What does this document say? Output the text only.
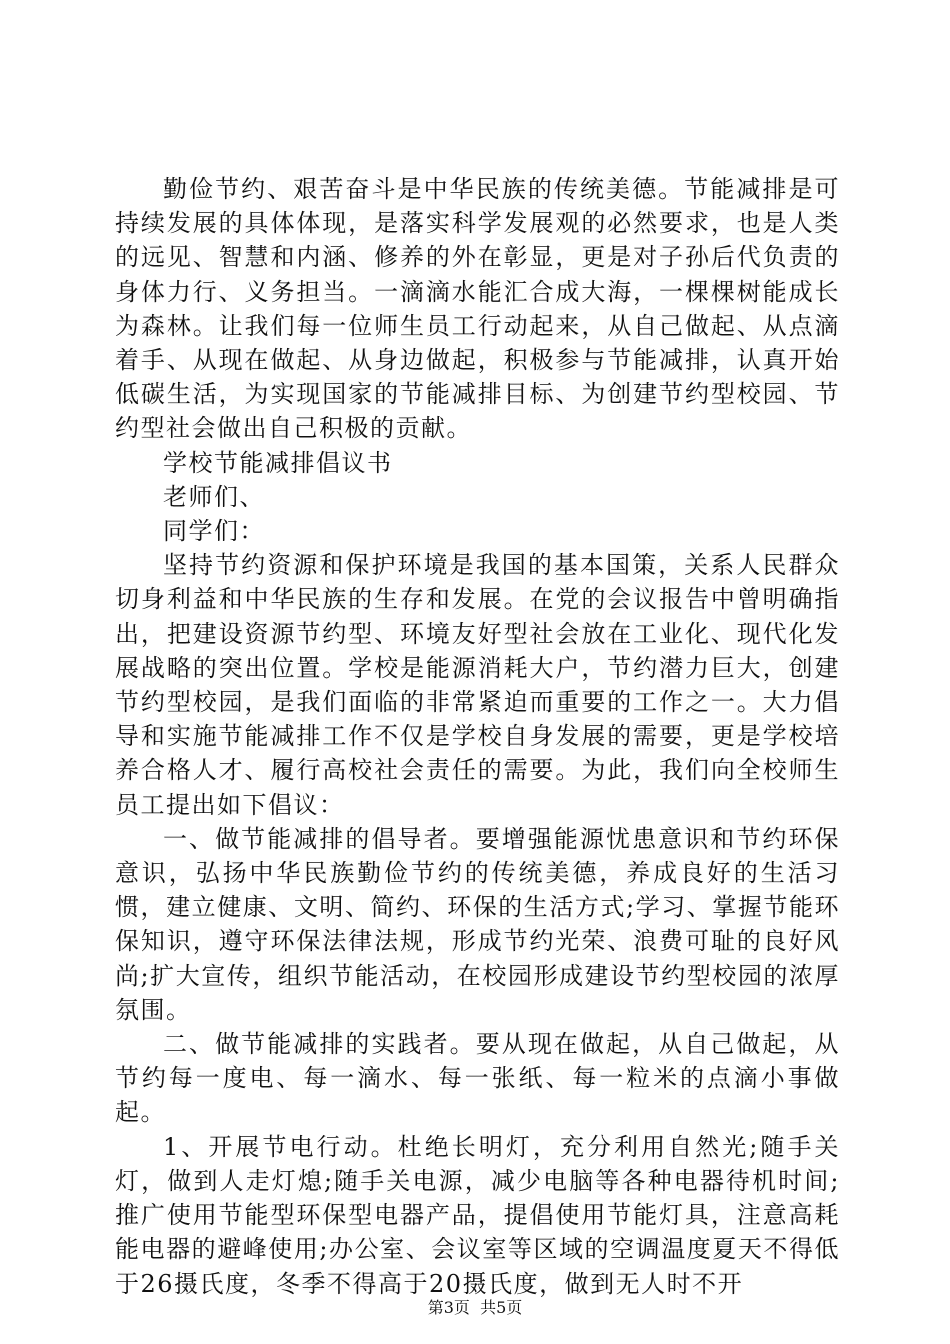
勤俭节约、艰苦奋斗是中华民族的传统美德。节能减排是可持续发展的具体体现，是落实科学发展观的必然要求，也是人类的远见、智慧和内涵、修养的外在彰显，更是对子孙后代负责的身体力行、义务担当。一滴滴水能汇合成大海，一棵棵树能成长为森林。让我们每一位师生员工行动起来，从自己做起、从点滴着手、从现在做起、从身边做起，积极参与节能减排，认真开始低碳生活，为实现国家的节能减排目标、为创建节约型校园、节约型社会做出自己积极的贡献。

学校节能减排倡议书

老师们、

同学们：

坚持节约资源和保护环境是我国的基本国策，关系人民群众切身利益和中华民族的生存和发展。在党的会议报告中曾明确指出，把建设资源节约型、环境友好型社会放在工业化、现代化发展战略的突出位置。学校是能源消耗大户，节约潜力巨大，创建节约型校园，是我们面临的非常紧迫而重要的工作之一。大力倡导和实施节能减排工作不仅是学校自身发展的需要，更是学校培养合格人才、履行高校社会责任的需要。为此，我们向全校师生员工提出如下倡议：

一、做节能减排的倡导者。要增强能源忧患意识和节约环保意识，弘扬中华民族勤俭节约的传统美德，养成良好的生活习惯，建立健康、文明、简约、环保的生活方式;学习、掌握节能环保知识，遵守环保法律法规，形成节约光荣、浪费可耻的良好风尚;扩大宣传，组织节能活动，在校园形成建设节约型校园的浓厚氛围。

二、做节能减排的实践者。要从现在做起，从自己做起，从节约每一度电、每一滴水、每一张纸、每一粒米的点滴小事做起。

1、开展节电行动。杜绝长明灯，充分利用自然光;随手关灯，做到人走灯熄;随手关电源，减少电脑等各种电器待机时间;推广使用节能型环保型电器产品，提倡使用节能灯具，注意高耗能电器的避峰使用;办公室、会议室等区域的空调温度夏天不得低于26摄氏度，冬季不得高于20摄氏度，做到无人时不开

第3页  共5页
